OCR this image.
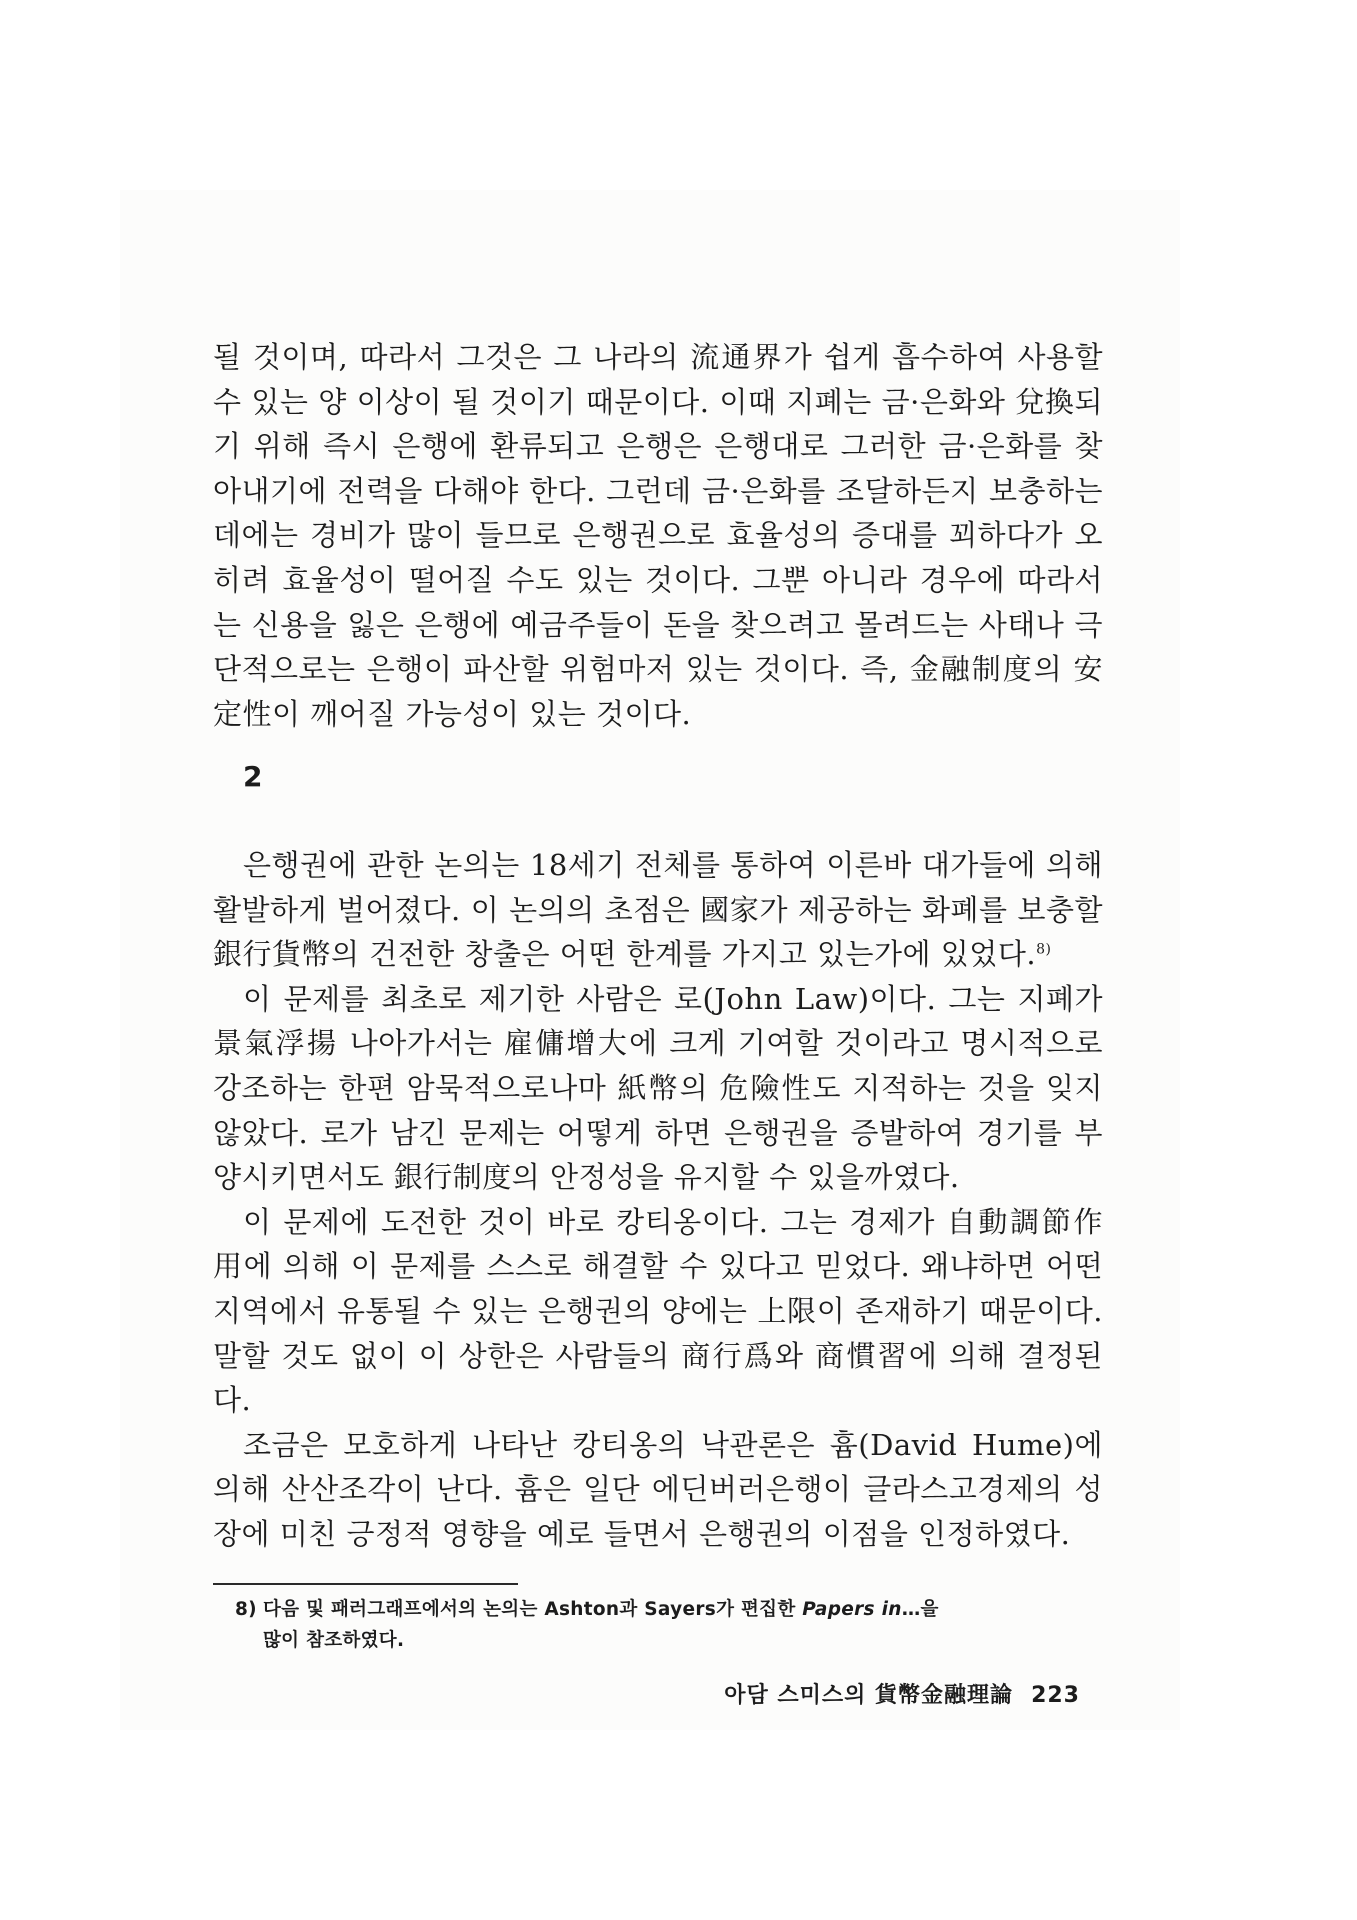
될 것이며, 따라서 그것은 그 나라의 流通界가 쉽게 흡수하여 사용할 수 있는 양 이상이 될 것이기 때문이다. 이때 지폐는 금·은화와 兌換되기 위해 즉시 은행에 환류되고 은행은 은행대로 그러한 금·은화를 찾아내기에 전력을 다해야 한다. 그런데 금·은화를 조달하든지 보충하는 데에는 경비가 많이 들므로 은행권으로 효율성의 증대를 꾀하다가 오히려 효율성이 떨어질 수도 있는 것이다. 그뿐 아니라 경우에 따라서는 신용을 잃은 은행에 예금주들이 돈을 찾으려고 몰려드는 사태나 극단적으로는 은행이 파산할 위험마저 있는 것이다. 즉, 金融制度의 安定性이 깨어질 가능성이 있는 것이다.

2

은행권에 관한 논의는 18세기 전체를 통하여 이른바 대가들에 의해 활발하게 벌어졌다. 이 논의의 초점은 國家가 제공하는 화폐를 보충할 銀行貨幣의 건전한 창출은 어떤 한계를 가지고 있는가에 있었다.$^{8)}$

이 문제를 최초로 제기한 사람은 로(John Law)이다. 그는 지폐가 景氣浮揚 나아가서는 雇傭增大에 크게 기여할 것이라고 명시적으로 강조하는 한편 암묵적으로나마 紙幣의 危險性도 지적하는 것을 잊지 않았다. 로가 남긴 문제는 어떻게 하면 은행권을 증발하여 경기를 부양시키면서도 銀行制度의 안정성을 유지할 수 있을까였다.

이 문제에 도전한 것이 바로 캉티옹이다. 그는 경제가 自動調節作用에 의해 이 문제를 스스로 해결할 수 있다고 믿었다. 왜냐하면 어떤 지역에서 유통될 수 있는 은행권의 양에는 上限이 존재하기 때문이다. 말할 것도 없이 이 상한은 사람들의 商行爲와 商慣習에 의해 결정된다.

조금은 모호하게 나타난 캉티옹의 낙관론은 흄(David Hume)에 의해 산산조각이 난다. 흄은 일단 에딘버러은행이 글라스고경제의 성장에 미친 긍정적 영향을 예로 들면서 은행권의 이점을 인정하였다.

8) 다음 및 패러그래프에서의 논의는 Ashton과 Sayers가 편집한 Papers in…을
많이 참조하였다.
아담 스미스의 貨幣金融理論 223
